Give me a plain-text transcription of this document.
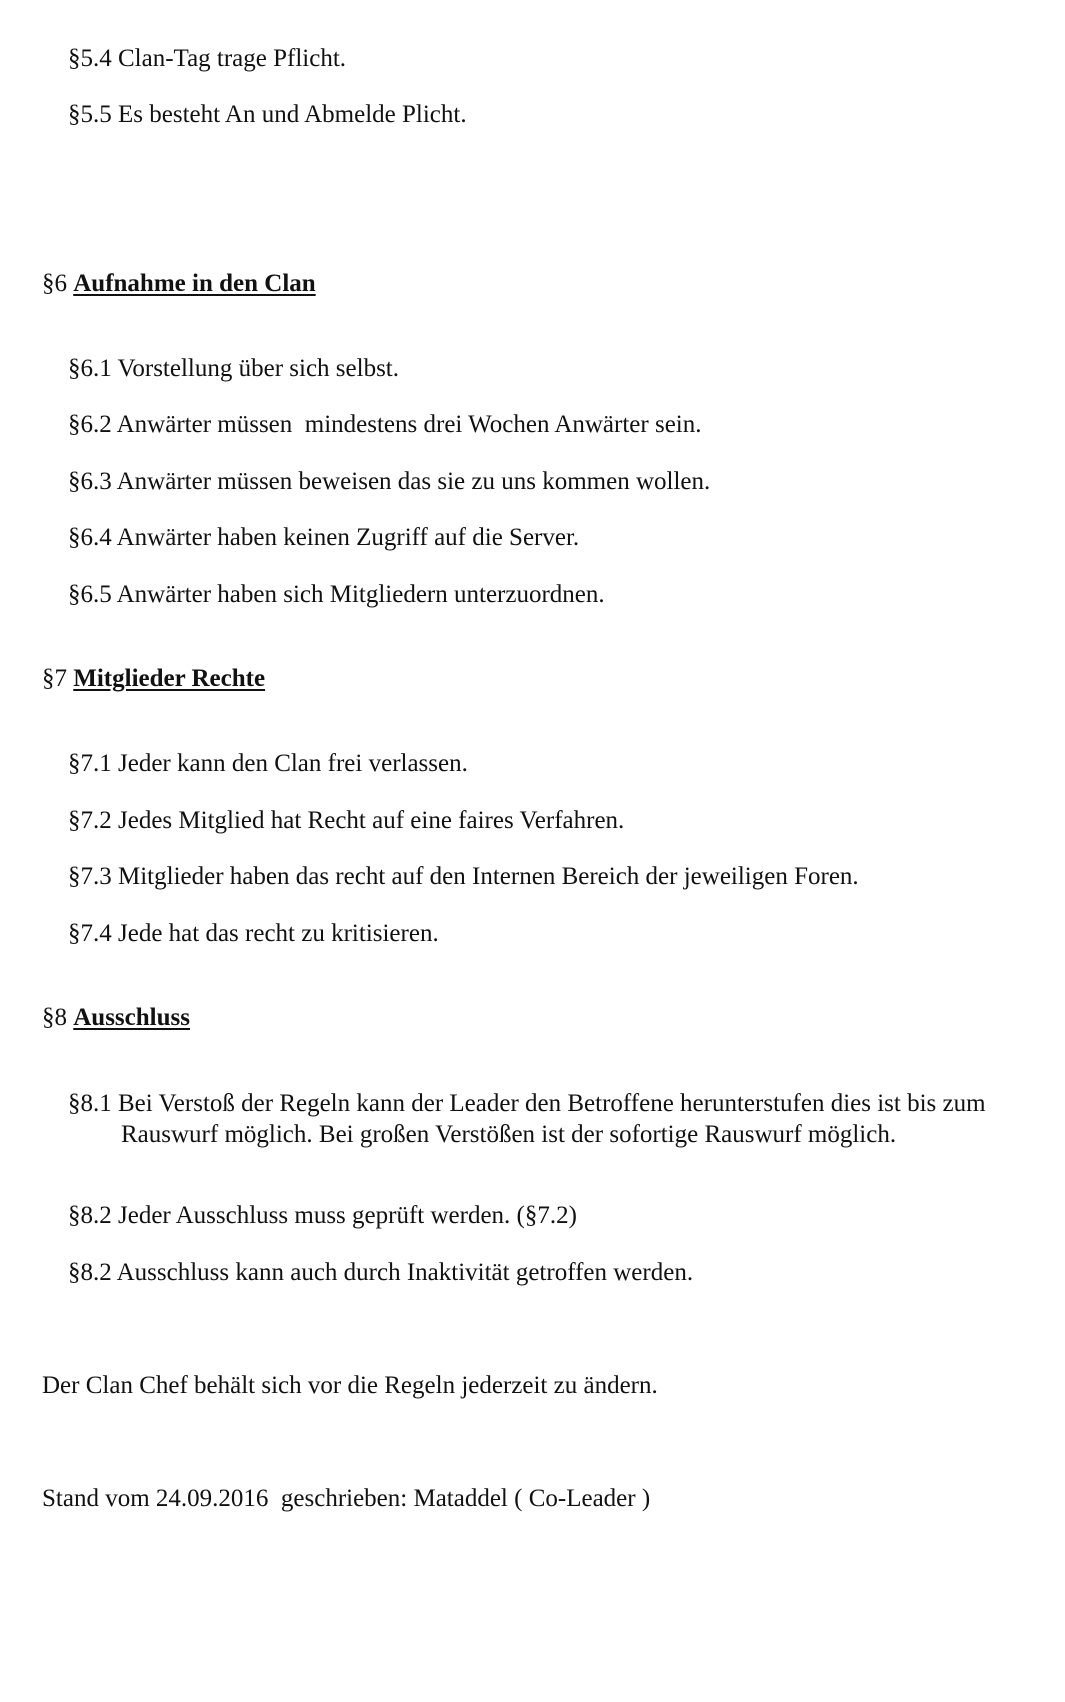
§5.4 Clan-Tag trage Pflicht.
§5.5 Es besteht An und Abmelde Plicht.
§6 Aufnahme in den Clan
§6.1 Vorstellung über sich selbst.
§6.2 Anwärter müssen  mindestens drei Wochen Anwärter sein.
§6.3 Anwärter müssen beweisen das sie zu uns kommen wollen.
§6.4 Anwärter haben keinen Zugriff auf die Server.
§6.5 Anwärter haben sich Mitgliedern unterzuordnen.
§7 Mitglieder Rechte
§7.1 Jeder kann den Clan frei verlassen.
§7.2 Jedes Mitglied hat Recht auf eine faires Verfahren.
§7.3 Mitglieder haben das recht auf den Internen Bereich der jeweiligen Foren.
§7.4 Jede hat das recht zu kritisieren.
§8 Ausschluss
§8.1 Bei Verstoß der Regeln kann der Leader den Betroffene herunterstufen dies ist bis zum
Rauswurf möglich. Bei großen Verstößen ist der sofortige Rauswurf möglich.
§8.2 Jeder Ausschluss muss geprüft werden. (§7.2)
§8.2 Ausschluss kann auch durch Inaktivität getroffen werden.
Der Clan Chef behält sich vor die Regeln jederzeit zu ändern.
Stand vom 24.09.2016  geschrieben: Mataddel ( Co-Leader )
